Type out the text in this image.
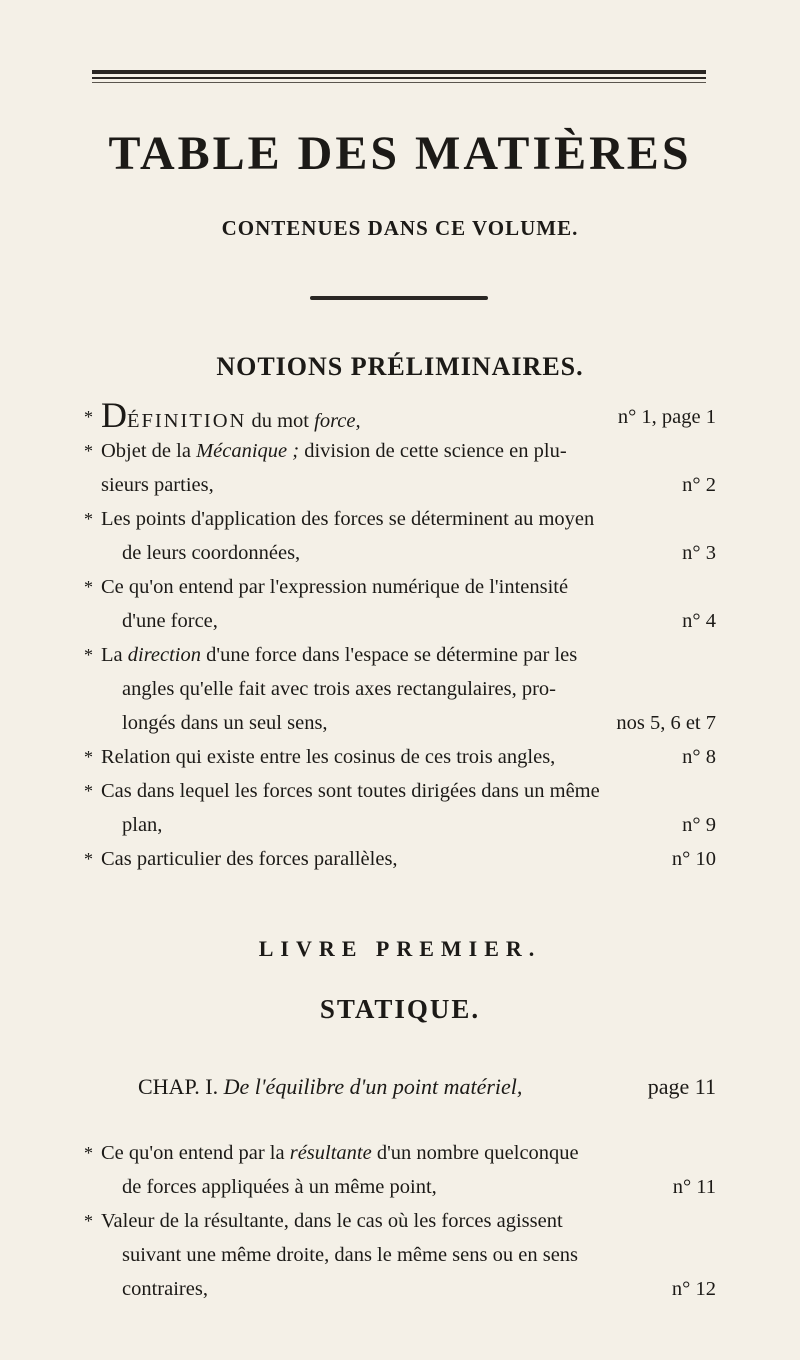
TABLE DES MATIÈRES
CONTENUES DANS CE VOLUME.
NOTIONS PRÉLIMINAIRES.
* DÉFINITION du mot force,	n° 1, page 1
* Objet de la Mécanique ; division de cette science en plu-
sieurs parties,	n° 2
* Les points d'application des forces se déterminent au moyen
de leurs coordonnées,	n° 3
* Ce qu'on entend par l'expression numérique de l'intensité
d'une force,	n° 4
* La direction d'une force dans l'espace se détermine par les
angles qu'elle fait avec trois axes rectangulaires, pro-
longés dans un seul sens,	nos 5, 6 et 7
* Relation qui existe entre les cosinus de ces trois angles,	n° 8
* Cas dans lequel les forces sont toutes dirigées dans un même
plan,	n° 9
* Cas particulier des forces parallèles,	n° 10
LIVRE PREMIER.
STATIQUE.
CHAP. I. De l'équilibre d'un point matériel,	page 11
* Ce qu'on entend par la résultante d'un nombre quelconque
de forces appliquées à un même point,	n° 11
* Valeur de la résultante, dans le cas où les forces agissent
suivant une même droite, dans le même sens ou en sens
contraires,	n° 12
